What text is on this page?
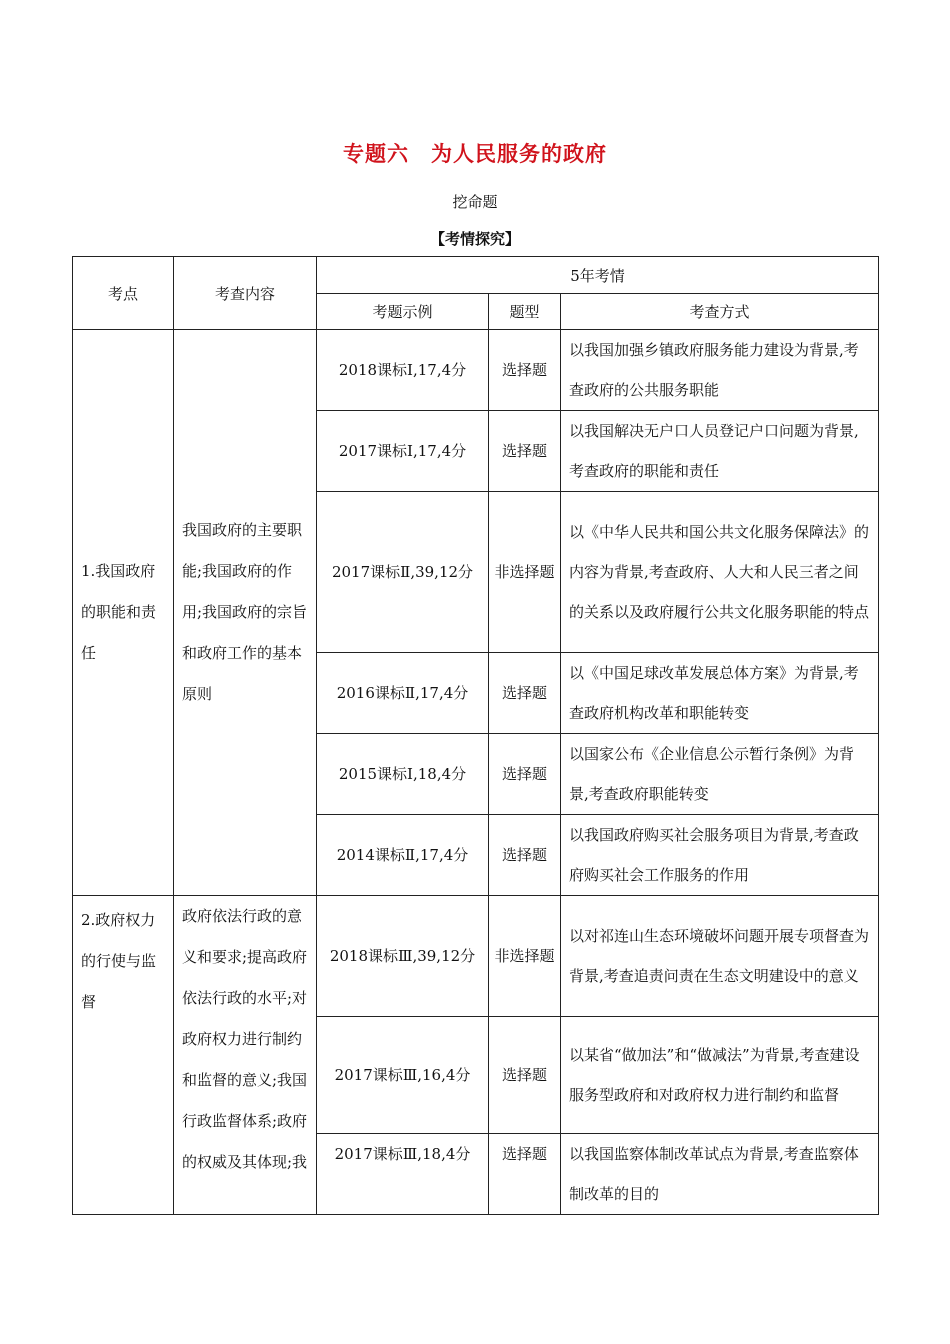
专题六　为人民服务的政府
挖命题
【考情探究】
考点	考查内容	5年考情		
		考题示例	题型	考查方式
1.我国政府的职能和责任	我国政府的主要职能;我国政府的作用;我国政府的宗旨和政府工作的基本原则	2018课标Ⅰ,17,4分	选择题	以我国加强乡镇政府服务能力建设为背景,考查政府的公共服务职能
		2017课标Ⅰ,17,4分	选择题	以我国解决无户口人员登记户口问题为背景,考查政府的职能和责任
		2017课标Ⅱ,39,12分	非选择题	以《中华人民共和国公共文化服务保障法》的内容为背景,考查政府、人大和人民三者之间的关系以及政府履行公共文化服务职能的特点
		2016课标Ⅱ,17,4分	选择题	以《中国足球改革发展总体方案》为背景,考查政府机构改革和职能转变
		2015课标Ⅰ,18,4分	选择题	以国家公布《企业信息公示暂行条例》为背景,考查政府职能转变
		2014课标Ⅱ,17,4分	选择题	以我国政府购买社会服务项目为背景,考查政府购买社会工作服务的作用
2.政府权力的行使与监督	政府依法行政的意义和要求;提高政府依法行政的水平;对政府权力进行制约和监督的意义;我国行政监督体系;政府的权威及其体现;我	2018课标Ⅲ,39,12分	非选择题	以对祁连山生态环境破坏问题开展专项督查为背景,考查追责问责在生态文明建设中的意义
		2017课标Ⅲ,16,4分	选择题	以某省“做加法”和“做减法”为背景,考查建设服务型政府和对政府权力进行制约和监督
		2017课标Ⅲ,18,4分	选择题	以我国监察体制改革试点为背景,考查监察体制改革的目的
